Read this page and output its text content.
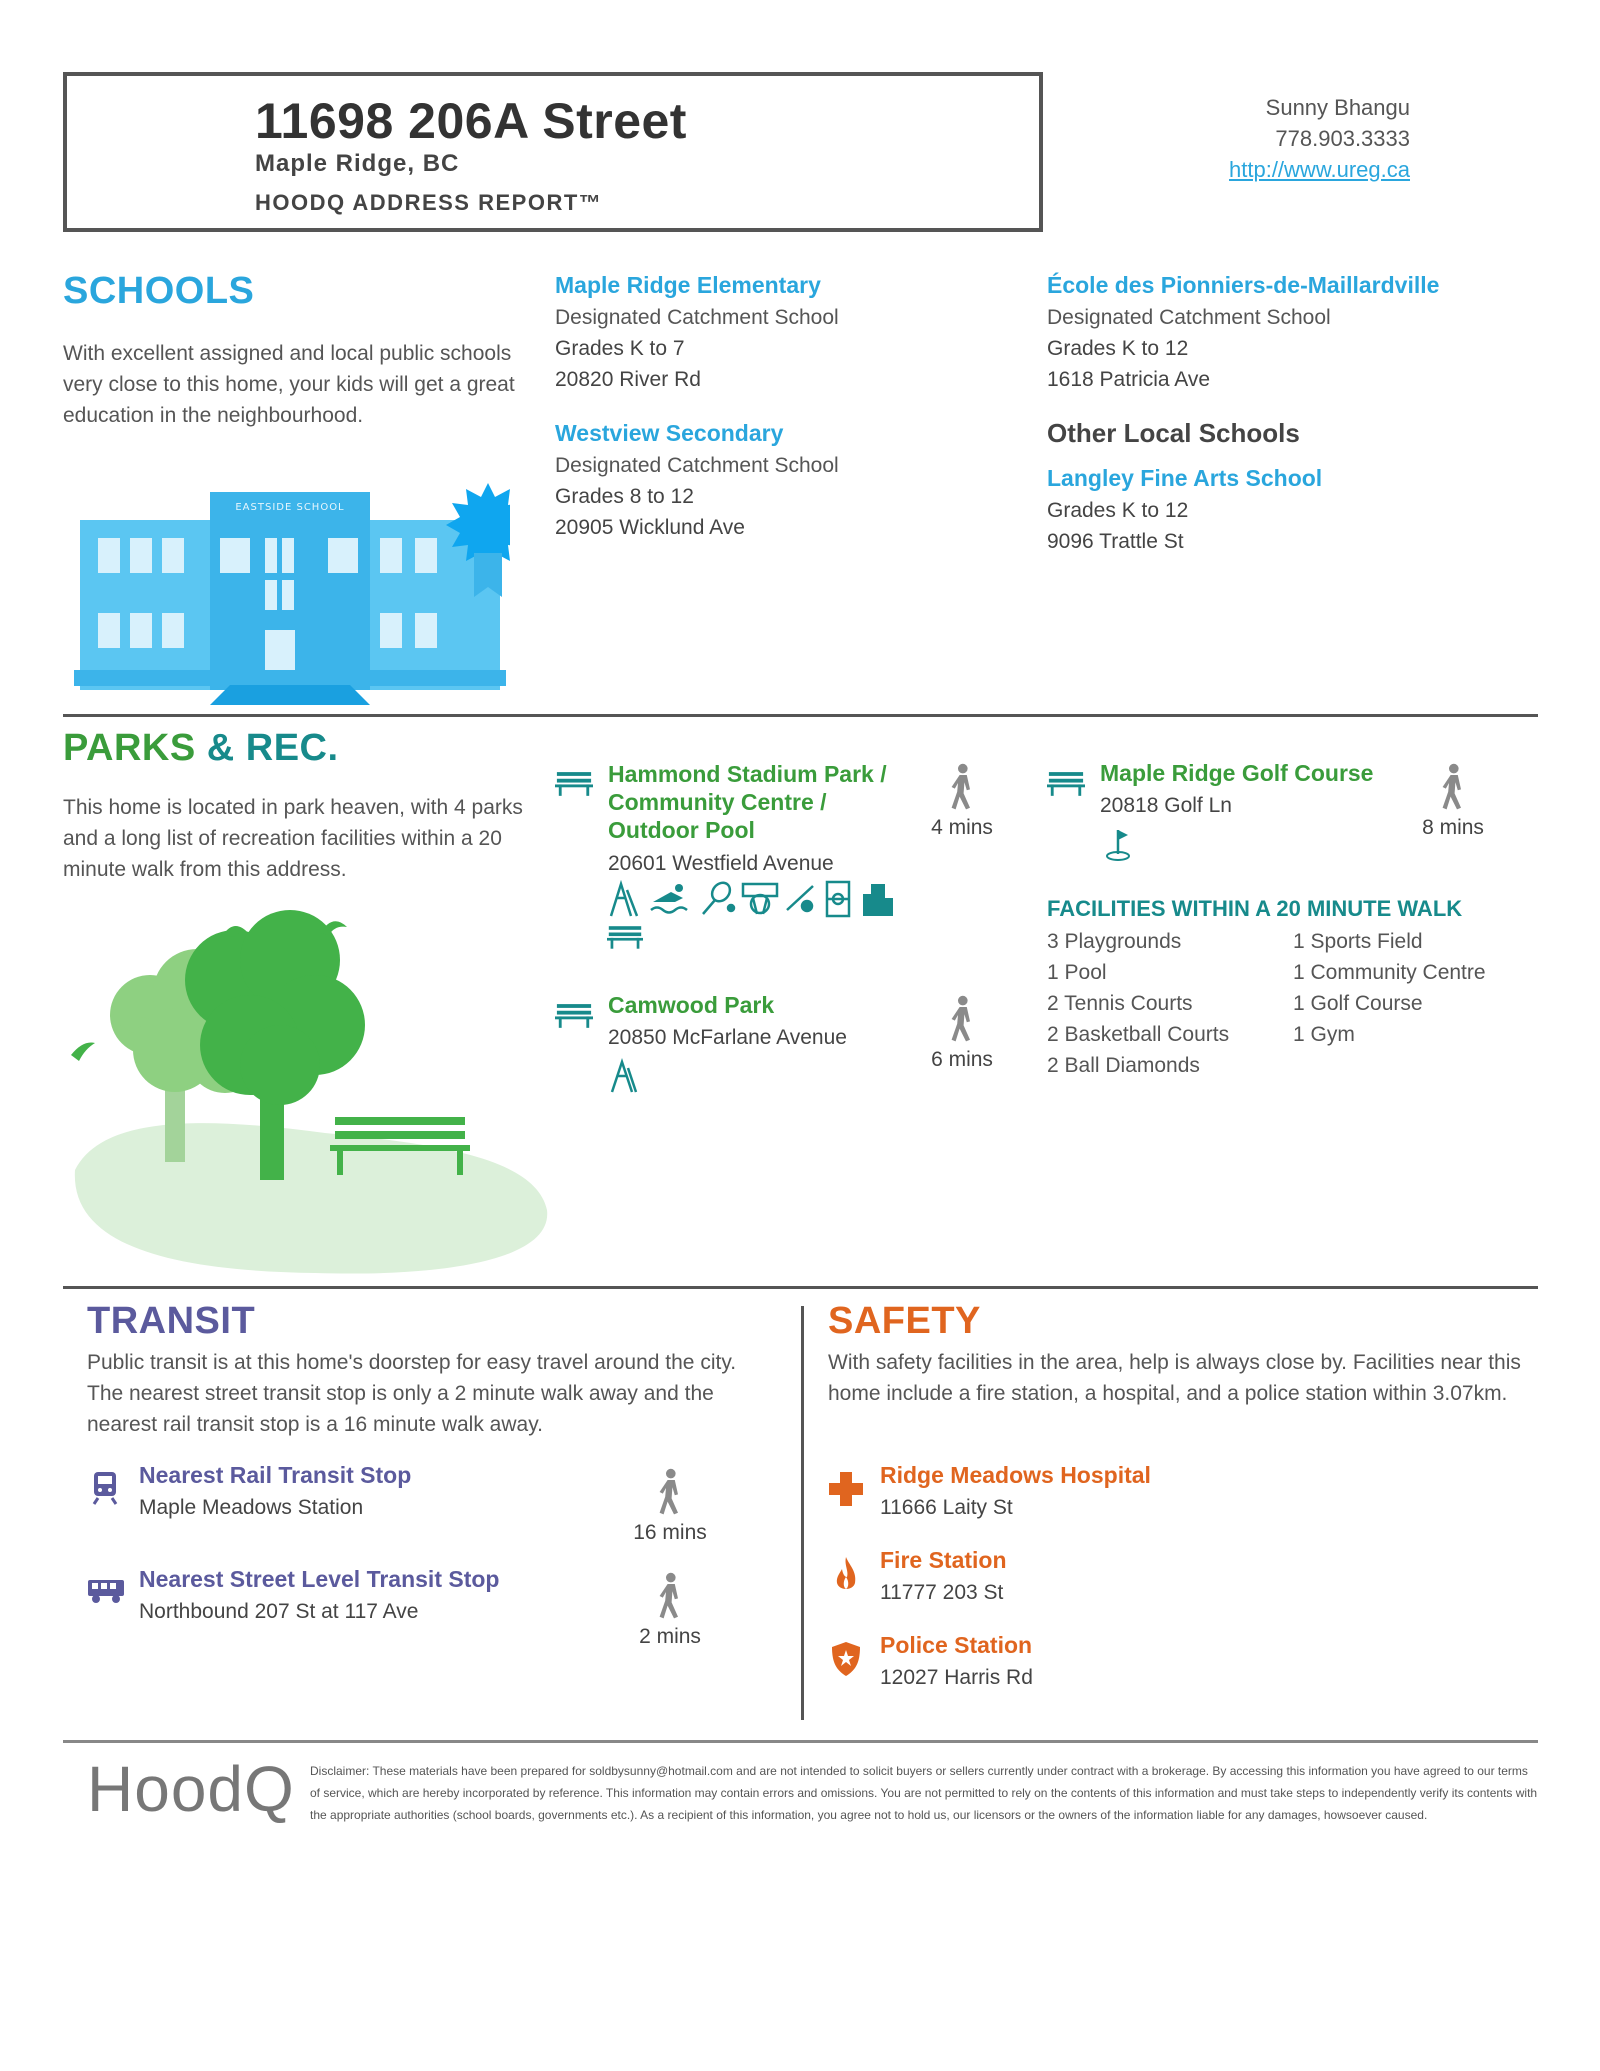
11698 206A Street
Maple Ridge, BC
HOODQ ADDRESS REPORT™
Sunny Bhangu
778.903.3333
http://www.ureg.ca
SCHOOLS
With excellent assigned and local public schools very close to this home, your kids will get a great education in the neighbourhood.
EASTSIDE SCHOOL
Maple Ridge Elementary
Designated Catchment School
Grades K to 7
20820 River Rd
Westview Secondary
Designated Catchment School
Grades 8 to 12
20905 Wicklund Ave
École des Pionniers-de-Maillardville
Designated Catchment School
Grades K to 12
1618 Patricia Ave
Other Local Schools
Langley Fine Arts School
Grades K to 12
9096 Trattle St
PARKS & REC.
This home is located in park heaven, with 4 parks and a long list of recreation facilities within a 20 minute walk from this address.
Hammond Stadium Park / Community Centre / Outdoor Pool
20601 Westfield Avenue
4 mins
Camwood Park
20850 McFarlane Avenue
6 mins
Maple Ridge Golf Course
20818 Golf Ln
8 mins
FACILITIES WITHIN A 20 MINUTE WALK
3 Playgrounds
1 Pool
2 Tennis Courts
2 Basketball Courts
2 Ball Diamonds
1 Sports Field
1 Community Centre
1 Golf Course
1 Gym
TRANSIT
Public transit is at this home's doorstep for easy travel around the city. The nearest street transit stop is only a 2 minute walk away and the nearest rail transit stop is a 16 minute walk away.
Nearest Rail Transit Stop
Maple Meadows Station
16 mins
Nearest Street Level Transit Stop
Northbound 207 St at 117 Ave
2 mins
SAFETY
With safety facilities in the area, help is always close by. Facilities near this home include a fire station, a hospital, and a police station within 3.07km.
Ridge Meadows Hospital
11666 Laity St
Fire Station
11777 203 St
Police Station
12027 Harris Rd
HoodQ Disclaimer: These materials have been prepared for soldbysunny@hotmail.com and are not intended to solicit buyers or sellers currently under contract with a brokerage. By accessing this information you have agreed to our terms of service, which are hereby incorporated by reference. This information may contain errors and omissions. You are not permitted to rely on the contents of this information and must take steps to independently verify its contents with the appropriate authorities (school boards, governments etc.). As a recipient of this information, you agree not to hold us, our licensors or the owners of the information liable for any damages, howsoever caused.
